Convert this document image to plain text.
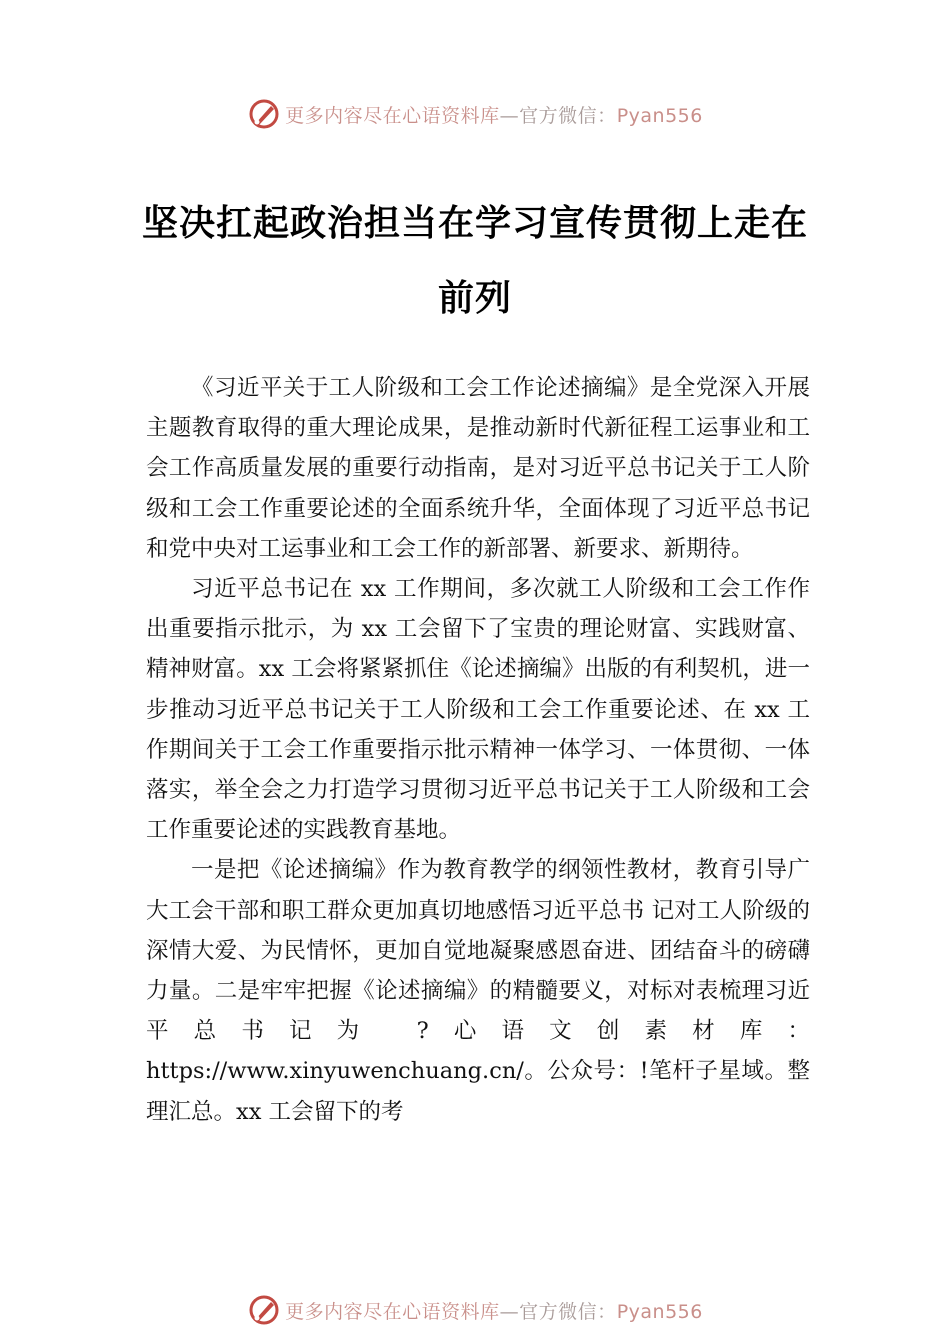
更多内容尽在心语资料库—官方微信：Pyan556
坚决扛起政治担当在学习宣传贯彻上走在
前列

《习近平关于工人阶级和工会工作论述摘编》是全党深入开展主题教育取得的重大理论成果，是推动新时代新征程工运事业和工会工作高质量发展的重要行动指南，是对习近平总书记关于工人阶级和工会工作重要论述的全面系统升华，全面体现了习近平总书记和党中央对工运事业和工会工作的新部署、新要求、新期待。

习近平总书记在 xx 工作期间，多次就工人阶级和工会工作作出重要指示批示，为 xx 工会留下了宝贵的理论财富、实践财富、精神财富。xx 工会将紧紧抓住《论述摘编》出版的有利契机，进一步推动习近平总书记关于工人阶级和工会工作重要论述、在 xx 工作期间关于工会工作重要指示批示精神一体学习、一体贯彻、一体落实，举全会之力打造学习贯彻习近平总书记关于工人阶级和工会工作重要论述的实践教育基地。

一是把《论述摘编》作为教育教学的纲领性教材，教育引导广大工会干部和职工群众更加真切地感悟习近平总书 记对工人阶级的深情大爱、为民情怀，更加自觉地凝聚感恩奋进、团结奋斗的磅礴力量。二是牢牢把握《论述摘编》的精髓要义，对标对表梳理习近平总书记为 ?心语文创素材库：https://www.xinyuwenchuang.cn/。公众号：!笔杆子星域。整理汇总。xx 工会留下的考

更多内容尽在心语资料库—官方微信：Pyan556
